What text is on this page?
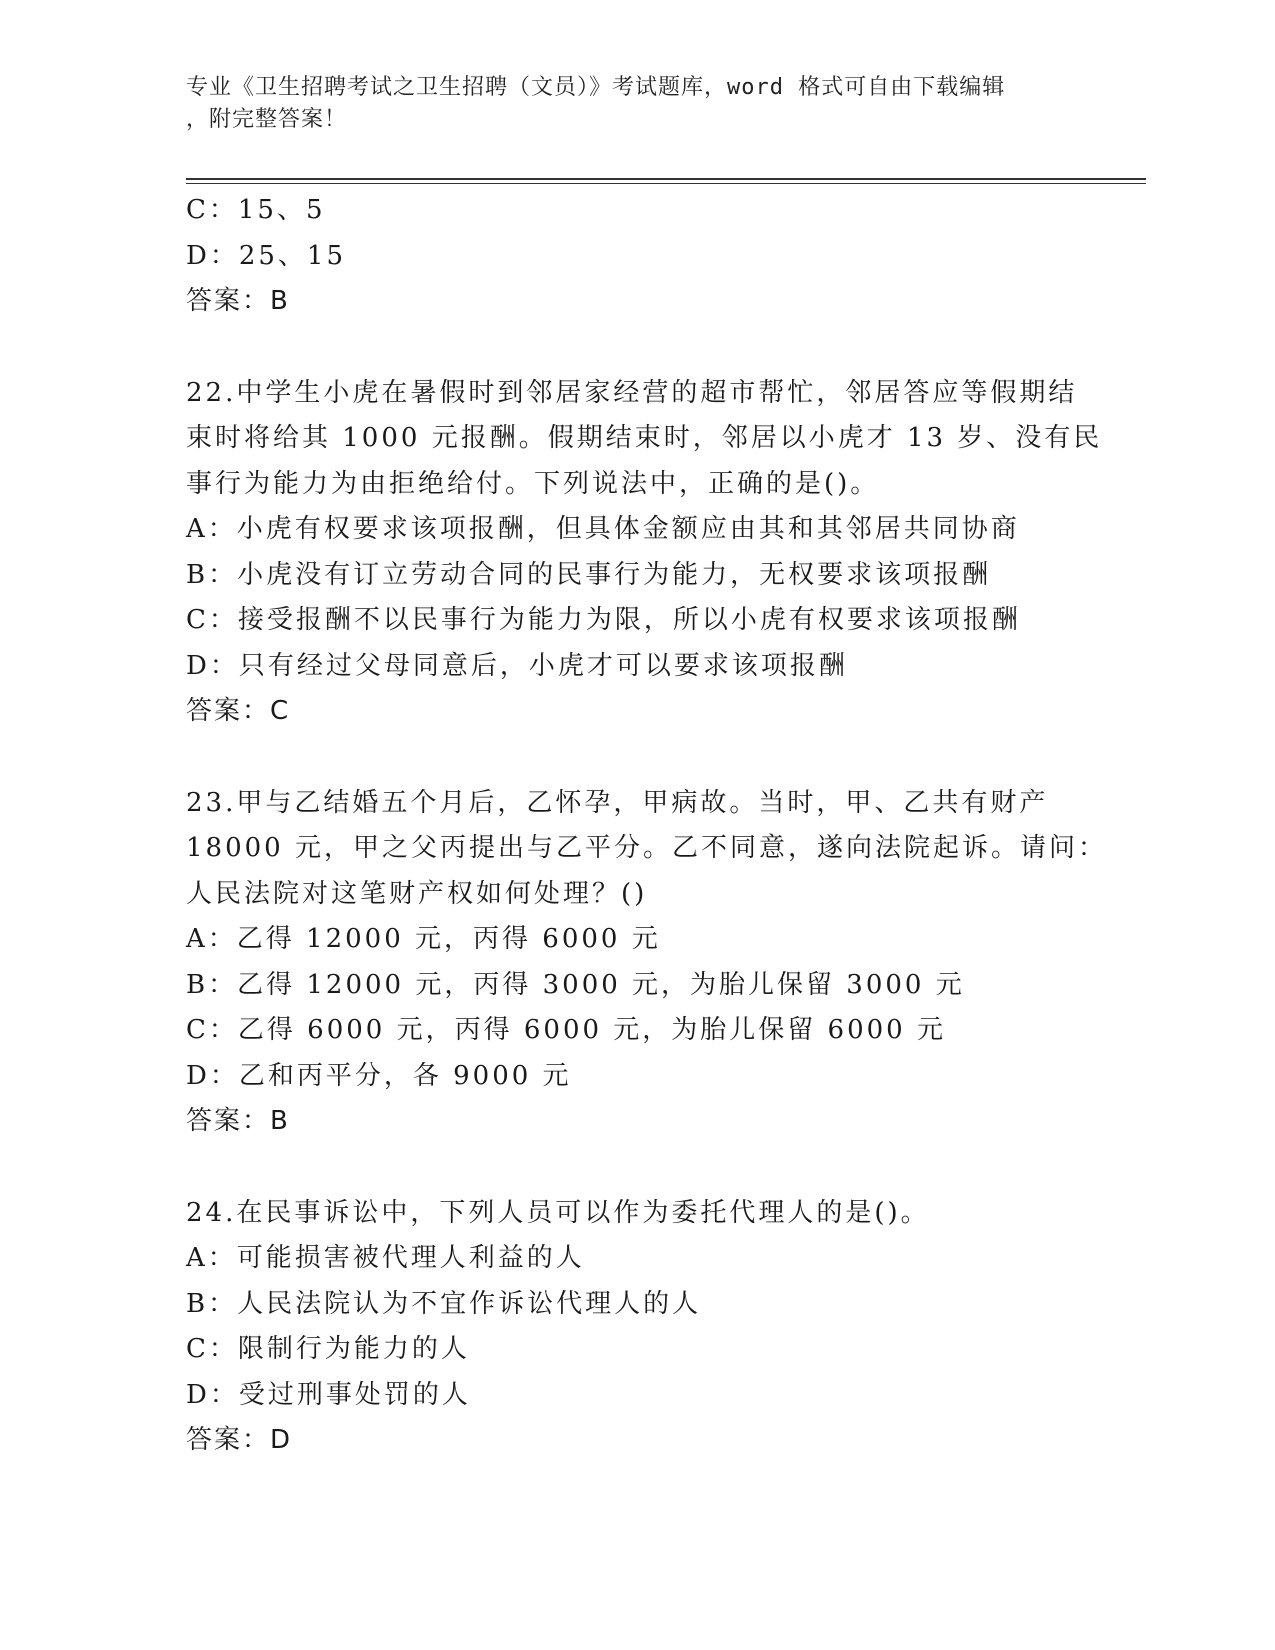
专业《卫生招聘考试之卫生招聘（文员）》考试题库，word 格式可自由下载编辑
，附完整答案！
C：15、5
D：25、15
答案：B
22.中学生小虎在暑假时到邻居家经营的超市帮忙，邻居答应等假期结
束时将给其 1000 元报酬。假期结束时，邻居以小虎才 13 岁、没有民
事行为能力为由拒绝给付。下列说法中，正确的是()。
A：小虎有权要求该项报酬，但具体金额应由其和其邻居共同协商
B：小虎没有订立劳动合同的民事行为能力，无权要求该项报酬
C：接受报酬不以民事行为能力为限，所以小虎有权要求该项报酬
D：只有经过父母同意后，小虎才可以要求该项报酬
答案：C
23.甲与乙结婚五个月后，乙怀孕，甲病故。当时，甲、乙共有财产
18000 元，甲之父丙提出与乙平分。乙不同意，遂向法院起诉。请问：
人民法院对这笔财产权如何处理？()
A：乙得 12000 元，丙得 6000 元
B：乙得 12000 元，丙得 3000 元，为胎儿保留 3000 元
C：乙得 6000 元，丙得 6000 元，为胎儿保留 6000 元
D：乙和丙平分，各 9000 元
答案：B
24.在民事诉讼中，下列人员可以作为委托代理人的是()。
A：可能损害被代理人利益的人
B：人民法院认为不宜作诉讼代理人的人
C：限制行为能力的人
D：受过刑事处罚的人
答案：D
